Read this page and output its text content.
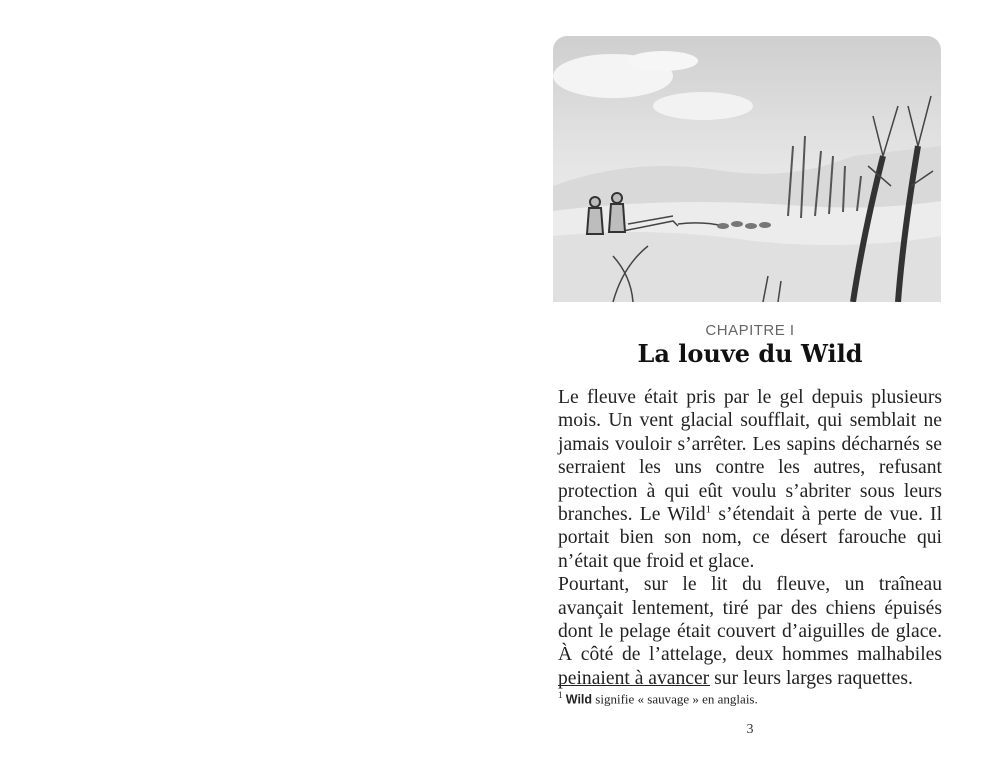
CHAPITRE I
La louve du Wild

Le fleuve était pris par le gel depuis plusieurs mois. Un vent glacial soufflait, qui semblait ne jamais vouloir s’arrêter. Les sapins décharnés se serraient les uns contre les autres, refusant protection à qui eût voulu s’abriter sous leurs branches. Le Wild$^1$ s’étendait à perte de vue. Il portait bien son nom, ce désert farouche qui n’était que froid et glace.

Pourtant, sur le lit du fleuve, un traîneau avançait lentement, tiré par des chiens épuisés dont le pelage était couvert d’aiguilles de glace. À côté de l’attelage, deux hommes malhabiles peinaient à avancer sur leurs larges raquettes.

$^1$ Wild signifie « sauvage » en anglais.
3
